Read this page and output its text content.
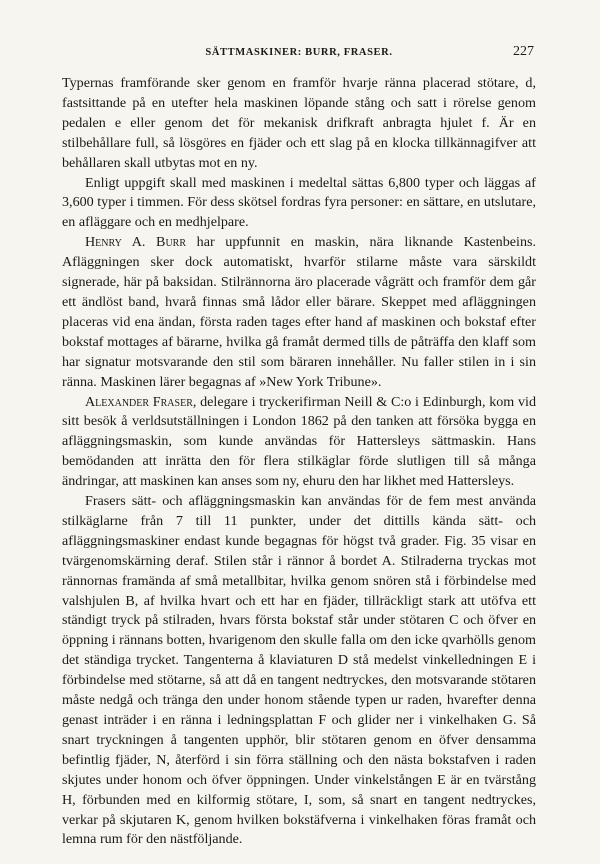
SÄTTMASKINER: BURR, FRASER.	227

Typernas framförande sker genom en framför hvarje ränna placerad stötare, d, fastsittande på en utefter hela maskinen löpande stång och satt i rörelse genom pedalen e eller genom det för mekanisk drifkraft anbragta hjulet f. Är en stilbehållare full, så lösgöres en fjäder och ett slag på en klocka tillkännagifver att behållaren skall utbytas mot en ny.

Enligt uppgift skall med maskinen i medeltal sättas 6,800 typer och läggas af 3,600 typer i timmen. För dess skötsel fordras fyra personer: en sättare, en utslutare, en afläggare och en medhjelpare.

Henry A. Burr har uppfunnit en maskin, nära liknande Kastenbeins. Afläggningen sker dock automatiskt, hvarför stilarne måste vara särskildt signerade, här på baksidan. Stilrännorna äro placerade vågrätt och framför dem går ett ändlöst band, hvarå finnas små lådor eller bärare. Skeppet med afläggningen placeras vid ena ändan, första raden tages efter hand af maskinen och bokstaf efter bokstaf mottages af bärarne, hvilka gå framåt dermed tills de påträffa den klaff som har signatur motsvarande den stil som bäraren innehåller. Nu faller stilen in i sin ränna. Maskinen lärer begagnas af »New York Tribune».

Alexander Fraser, delegare i tryckerifirman Neill & C:o i Edinburgh, kom vid sitt besök å verldsutställningen i London 1862 på den tanken att försöka bygga en afläggningsmaskin, som kunde användas för Hattersleys sättmaskin. Hans bemödanden att inrätta den för flera stilkäglar förde slutligen till så många ändringar, att maskinen kan anses som ny, ehuru den har likhet med Hattersleys.

Frasers sätt- och afläggningsmaskin kan användas för de fem mest använda stilkäglarne från 7 till 11 punkter, under det dittills kända sätt- och afläggningsmaskiner endast kunde begagnas för högst två grader. Fig. 35 visar en tvärgenomskärning deraf. Stilen står i rännor å bordet A. Stilraderna tryckas mot rännornas framända af små metallbitar, hvilka genom snören stå i förbindelse med valshjulen B, af hvilka hvart och ett har en fjäder, tillräckligt stark att utöfva ett ständigt tryck på stilraden, hvars första bokstaf står under stötaren C och öfver en öppning i rännans botten, hvarigenom den skulle falla om den icke qvarhölls genom det ständiga trycket. Tangenterna å klaviaturen D stå medelst vinkelledningen E i förbindelse med stötarne, så att då en tangent nedtryckes, den motsvarande stötaren måste nedgå och tränga den under honom stående typen ur raden, hvarefter denna genast inträder i en ränna i ledningsplattan F och glider ner i vinkelhaken G. Så snart tryckningen å tangenten upphör, blir stötaren genom en öfver densamma befintlig fjäder, N, återförd i sin förra ställning och den nästa bokstafven i raden skjutes under honom och öfver öppningen. Under vinkelstången E är en tvärstång H, förbunden med en kilformig stötare, I, som, så snart en tangent nedtryckes, verkar på skjutaren K, genom hvilken bokstäfverna i vinkelhaken föras framåt och lemna rum för den nästföljande.
